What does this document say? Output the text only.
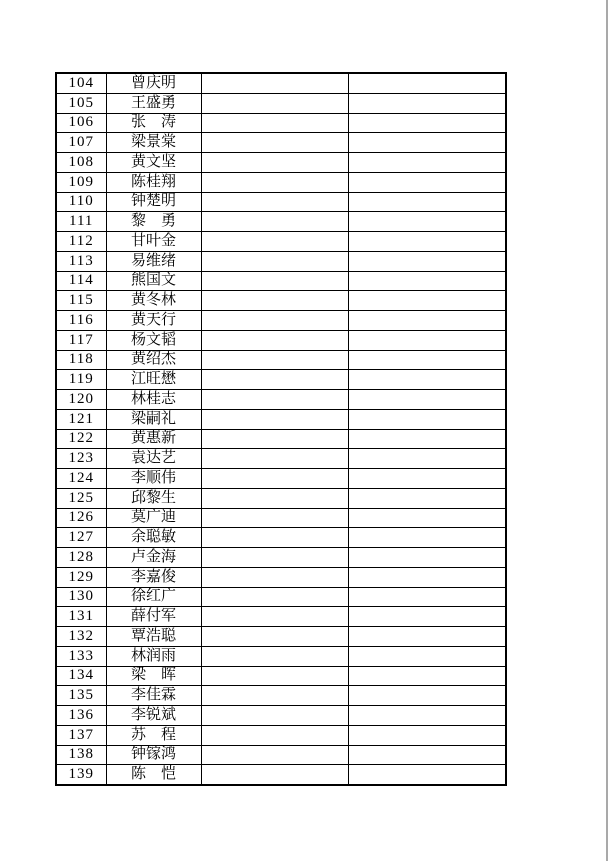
104	曾庆明		
105	王盛勇		
106	张　涛		
107	梁景棠		
108	黄文坚		
109	陈桂翔		
110	钟楚明		
111	黎　勇		
112	甘叶金		
113	易维绪		
114	熊国文		
115	黄冬林		
116	黄天行		
117	杨文韬		
118	黄绍杰		
119	江旺懋		
120	林桂志		
121	梁嗣礼		
122	黄惠新		
123	袁达艺		
124	李顺伟		
125	邱黎生		
126	莫广迪		
127	余聪敏		
128	卢金海		
129	李嘉俊		
130	徐红广		
131	薛付军		
132	覃浩聪		
133	林润雨		
134	梁　晖		
135	李佳霖		
136	李锐斌		
137	苏　程		
138	钟镓鸿		
139	陈　恺		
